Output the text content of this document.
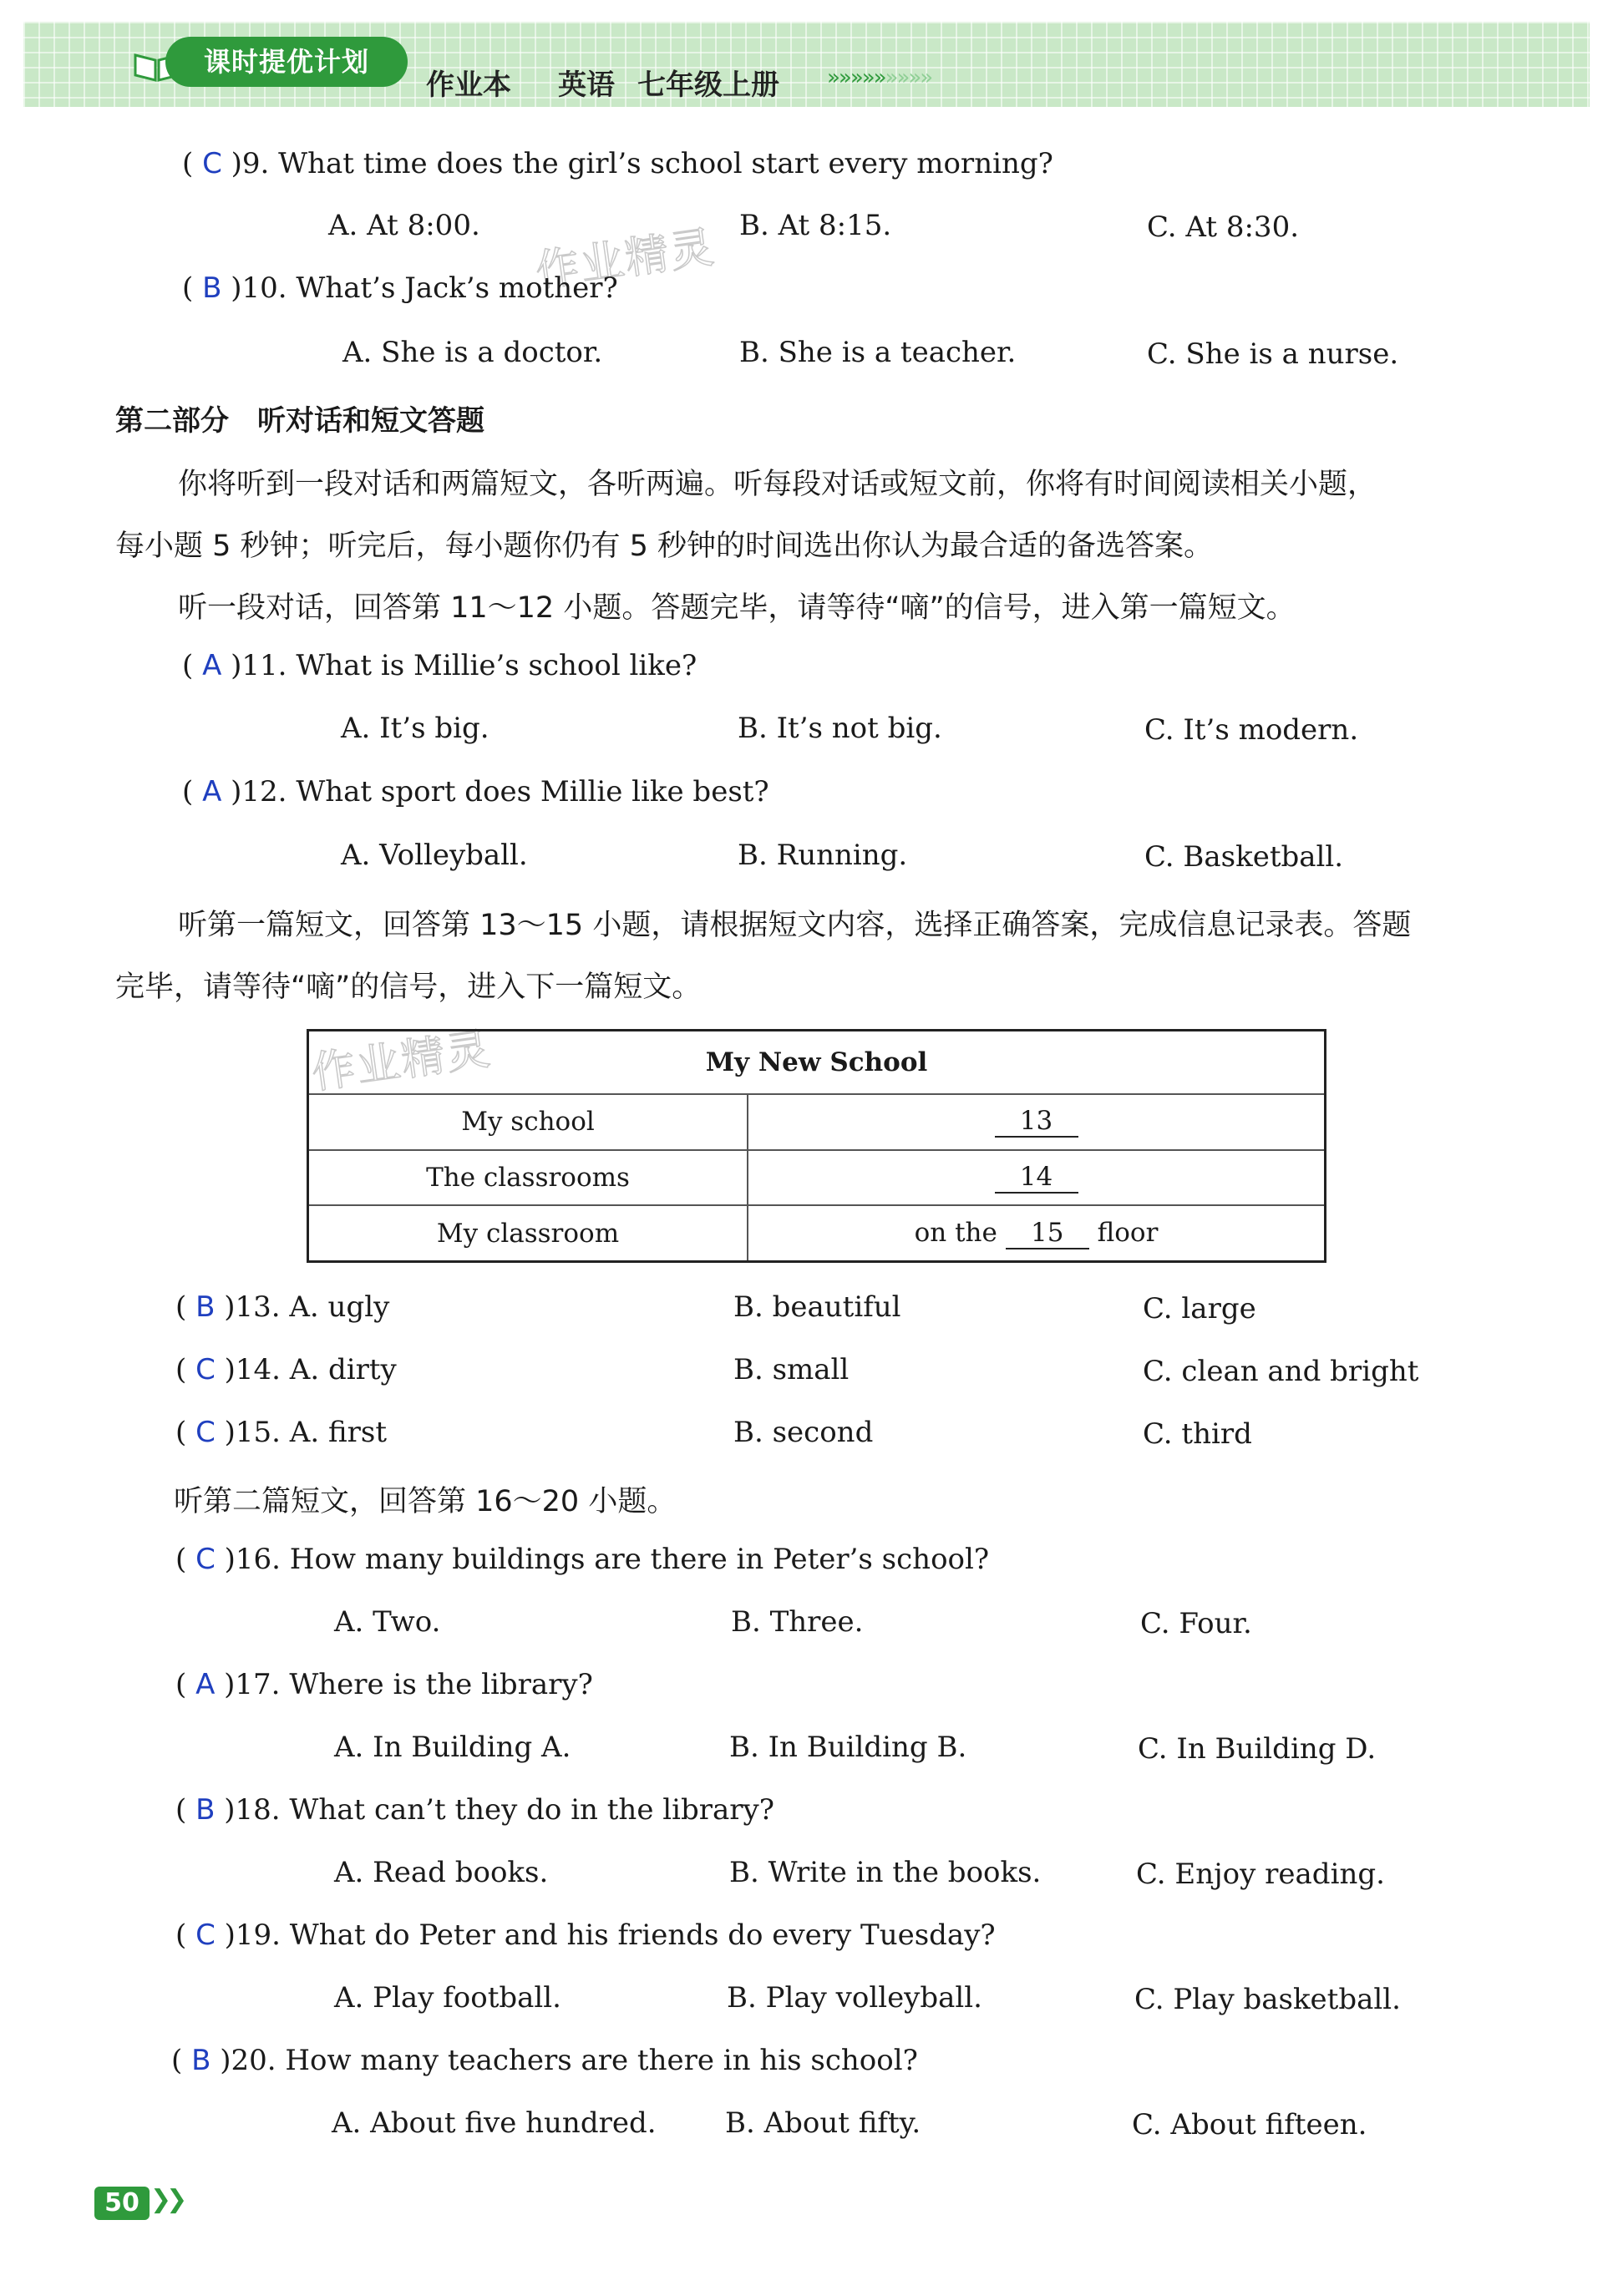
课时提优计划
作业本 英语 七年级上册 »»»»»»»»»
作业精灵
作业精灵
( C )9. What time does the girl’s school start every morning?
A. At 8:00.	B. At 8:15.	C. At 8:30.
( B )10. What’s Jack’s mother?
A. She is a doctor.	B. She is a teacher.	C. She is a nurse.
第二部分　听对话和短文答题
你将听到一段对话和两篇短文，各听两遍。听每段对话或短文前，你将有时间阅读相关小题，
每小题 5 秒钟；听完后，每小题你仍有 5 秒钟的时间选出你认为最合适的备选答案。
听一段对话，回答第 11～12 小题。答题完毕，请等待“嘀”的信号，进入第一篇短文。
( A )11. What is Millie’s school like?
A. It’s big.	B. It’s not big.	C. It’s modern.
( A )12. What sport does Millie like best?
A. Volleyball.	B. Running.	C. Basketball.
听第一篇短文，回答第 13～15 小题，请根据短文内容，选择正确答案，完成信息记录表。答题
完毕，请等待“嘀”的信号，进入下一篇短文。
My New School	
My school	13
The classrooms	14
My classroom	on the 15 floor
( B )13. A. ugly	B. beautiful	C. large
( C )14. A. dirty	B. small	C. clean and bright
( C )15. A. first	B. second	C. third
听第二篇短文，回答第 16～20 小题。
( C )16. How many buildings are there in Peter’s school?
A. Two.	B. Three.	C. Four.
( A )17. Where is the library?
A. In Building A.	B. In Building B.	C. In Building D.
( B )18. What can’t they do in the library?
A. Read books.	B. Write in the books.	C. Enjoy reading.
( C )19. What do Peter and his friends do every Tuesday?
A. Play football.	B. Play volleyball.	C. Play basketball.
( B )20. How many teachers are there in his school?
A. About five hundred. B. About fifty.	C. About fifteen.
50 ❯❯
